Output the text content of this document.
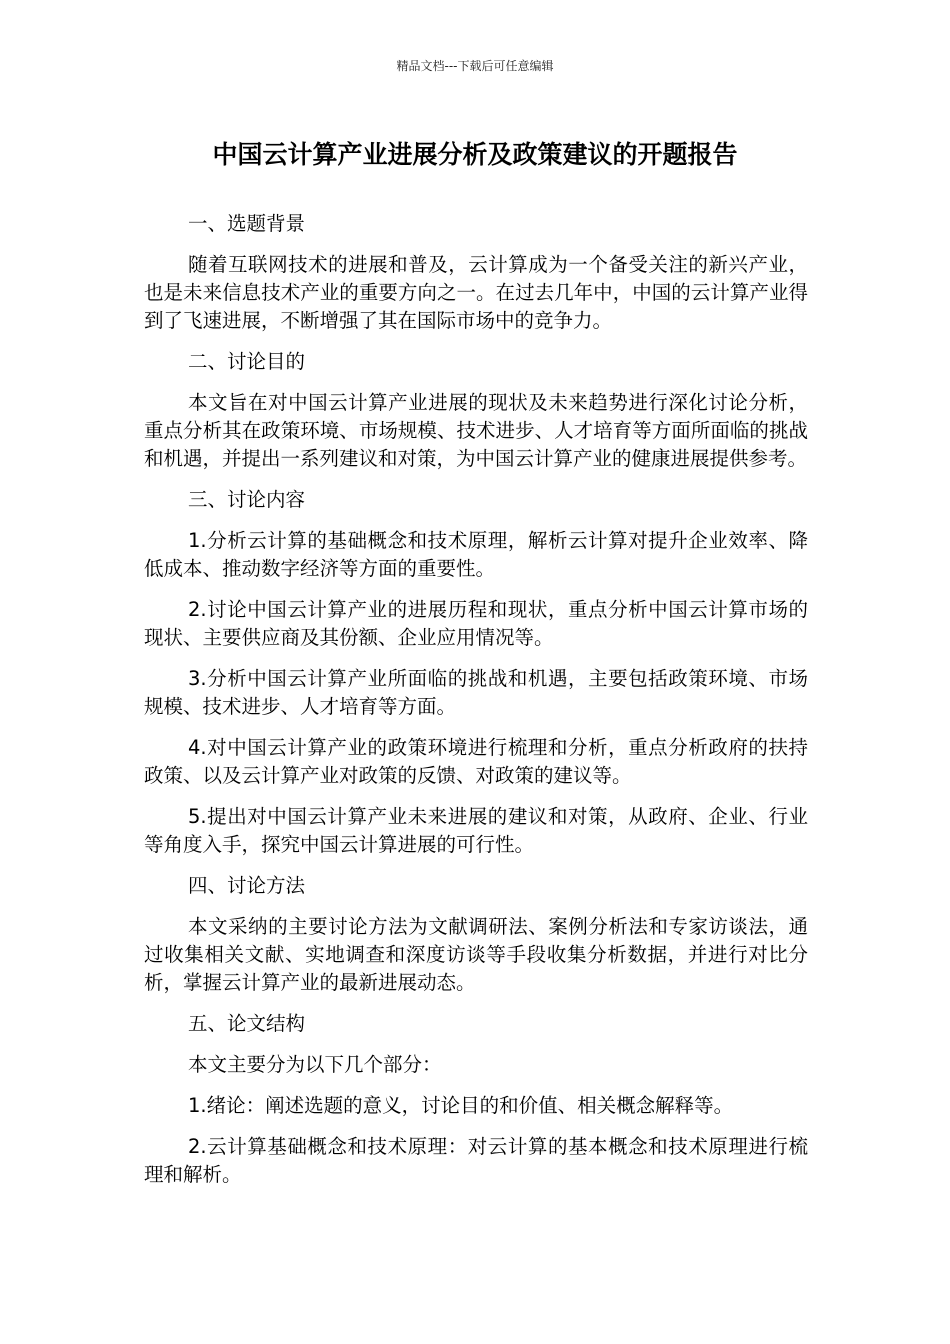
精品文档---下载后可任意编辑
中国云计算产业进展分析及政策建议的开题报告

一、选题背景

随着互联网技术的进展和普及，云计算成为一个备受关注的新兴产业，也是未来信息技术产业的重要方向之一。在过去几年中，中国的云计算产业得到了飞速进展，不断增强了其在国际市场中的竞争力。

二、讨论目的

本文旨在对中国云计算产业进展的现状及未来趋势进行深化讨论分析，重点分析其在政策环境、市场规模、技术进步、人才培育等方面所面临的挑战和机遇，并提出一系列建议和对策，为中国云计算产业的健康进展提供参考。

三、讨论内容

1.分析云计算的基础概念和技术原理，解析云计算对提升企业效率、降低成本、推动数字经济等方面的重要性。

2.讨论中国云计算产业的进展历程和现状，重点分析中国云计算市场的现状、主要供应商及其份额、企业应用情况等。

3.分析中国云计算产业所面临的挑战和机遇，主要包括政策环境、市场规模、技术进步、人才培育等方面。

4.对中国云计算产业的政策环境进行梳理和分析，重点分析政府的扶持政策、以及云计算产业对政策的反馈、对政策的建议等。

5.提出对中国云计算产业未来进展的建议和对策，从政府、企业、行业等角度入手，探究中国云计算进展的可行性。

四、讨论方法

本文采纳的主要讨论方法为文献调研法、案例分析法和专家访谈法，通过收集相关文献、实地调查和深度访谈等手段收集分析数据，并进行对比分析，掌握云计算产业的最新进展动态。

五、论文结构

本文主要分为以下几个部分：

1.绪论：阐述选题的意义，讨论目的和价值、相关概念解释等。

2.云计算基础概念和技术原理：对云计算的基本概念和技术原理进行梳理和解析。
